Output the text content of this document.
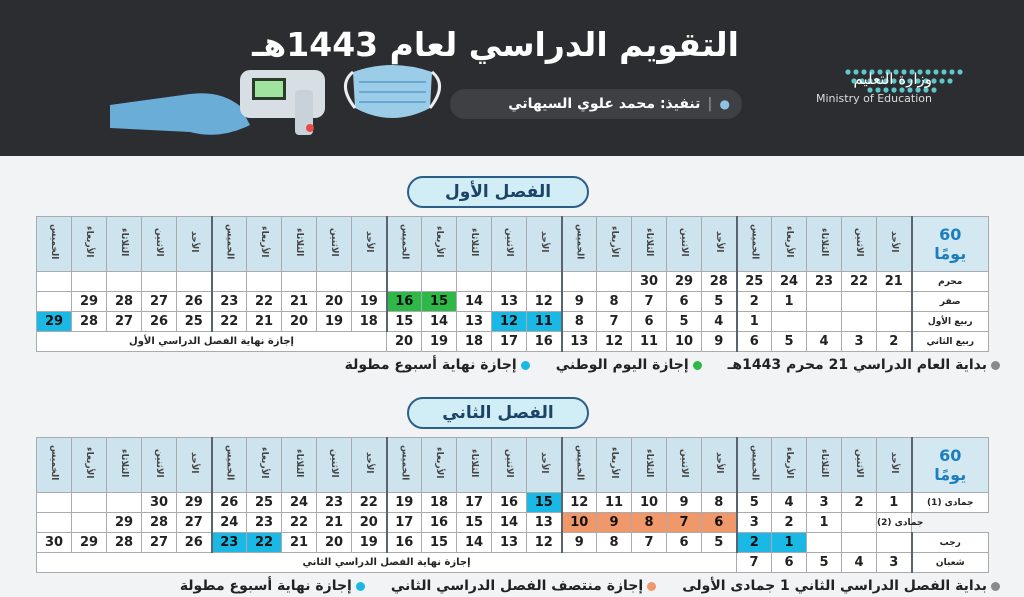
التقويم الدراسي لعام 1443هـ
●
|
تنفيذ: محمد علوي السيهاتي
وزارة التعليم
Ministry of Education
الفصل الأول
الخميس	الأربعاء	الثلاثاء	الاثنين	الأحد	الخميس	الأربعاء	الثلاثاء	الاثنين	الأحد	الخميس	الأربعاء	الثلاثاء	الاثنين	الأحد	الخميس	الأربعاء	الثلاثاء	الاثنين	الأحد	الخميس	الأربعاء	الثلاثاء	الاثنين	الأحد	60
يومًا

																	30	29	28	25	24	23	22	21	محرم
	29	28	27	26	23	22	21	20	19	16	15	14	13	12	9	8	7	6	5	2	1				صفر
29	28	27	26	25	22	21	20	19	18	15	14	13	12	11	8	7	6	5	4	1					ربيع الأول
إجازة نهاية الفصل الدراسي الأول										20	19	18	17	16	13	12	11	10	9	6	5	4	3	2	ربيع الثاني
بداية العام الدراسي 21 محرم 1443هـ
إجازة اليوم الوطني
إجازة نهاية أسبوع مطولة
الفصل الثاني
الخميس	الأربعاء	الثلاثاء	الاثنين	الأحد	الخميس	الأربعاء	الثلاثاء	الاثنين	الأحد	الخميس	الأربعاء	الثلاثاء	الاثنين	الأحد	الخميس	الأربعاء	الثلاثاء	الاثنين	الأحد	الخميس	الأربعاء	الثلاثاء	الاثنين	الأحد	60
يومًا

			30	29	26	25	24	23	22	19	18	17	16	15	12	11	10	9	8	5	4	3	2	1	جمادى (1)
		29	28	27	24	23	22	21	20	17	16	15	14	13	10	9	8	7	6	3	2	1		جمادى (2)	
30	29	28	27	26	23	22	21	20	19	16	15	14	13	12	9	8	7	6	5	2	1				رجب
إجازة نهاية الفصل الدراسي الثاني																				7	6	5	4	3	شعبان
بداية الفصل الدراسي الثاني 1 جمادى الأولى
إجازة منتصف الفصل الدراسي الثاني
إجازة نهاية أسبوع مطولة
